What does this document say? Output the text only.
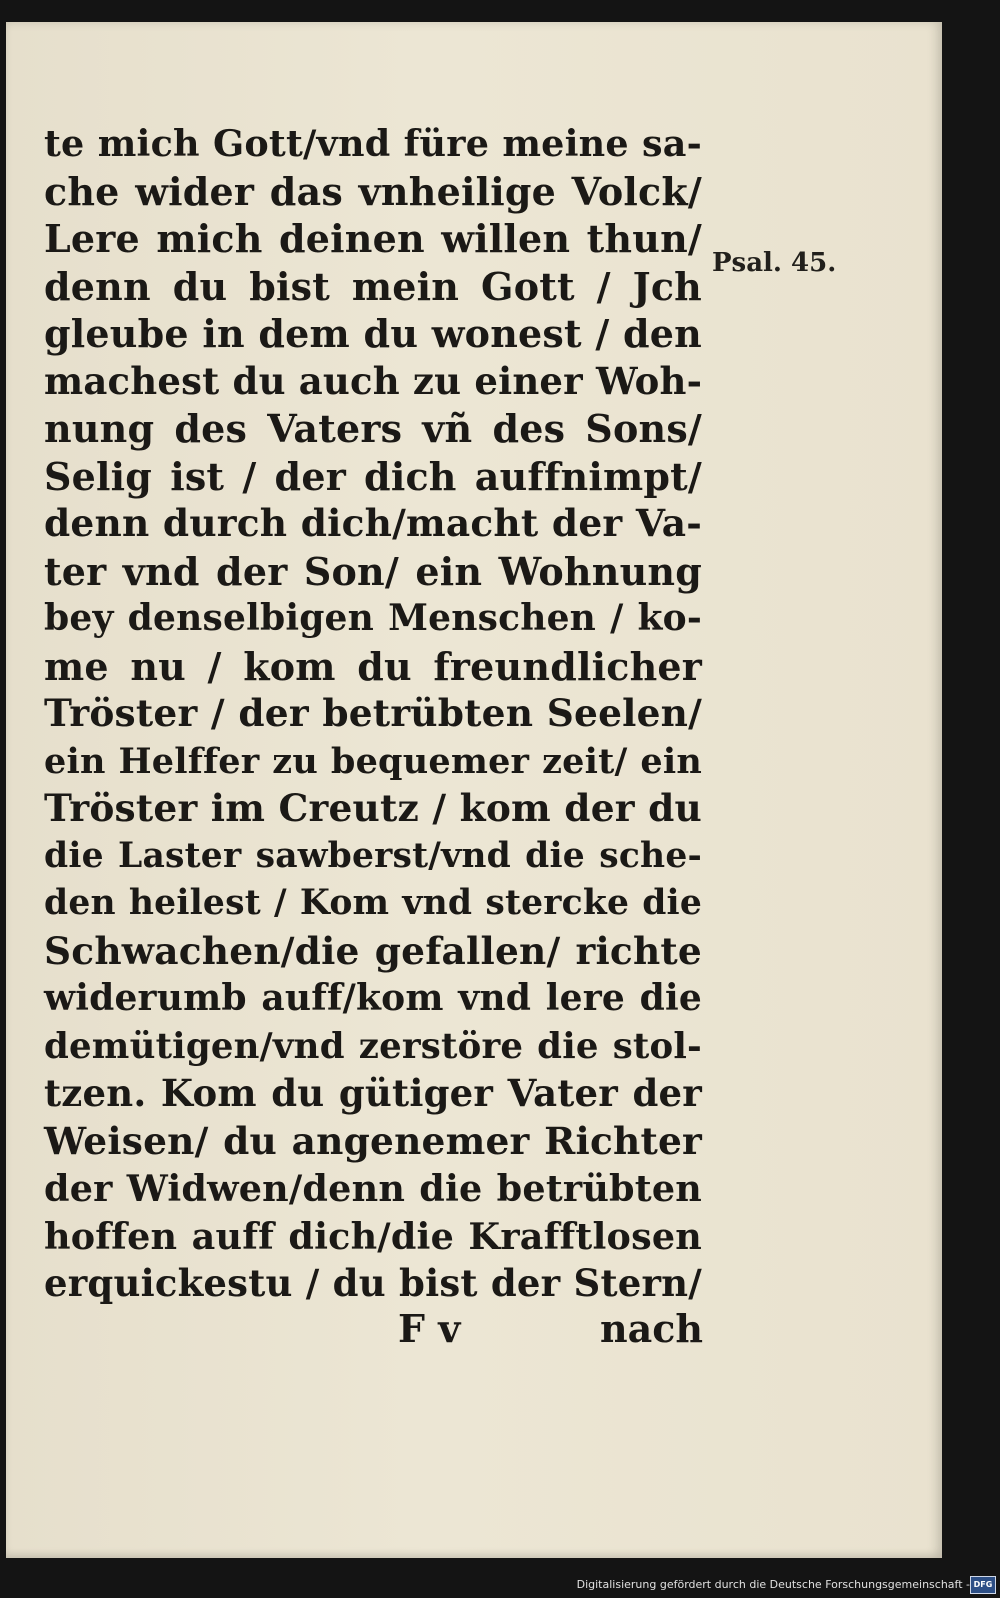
te mich Gott/vnd füre meine sa-
che wider das vnheilige Volck/
Lere mich deinen willen thun/
denn du bist mein Gott / Jch
gleube in dem du wonest / den
machest du auch zu einer Woh-
nung des Vaters vñ des Sons/
Selig ist / der dich auffnimpt/
denn durch dich/macht der Va-
ter vnd der Son/ ein Wohnung
bey denselbigen Menschen / ko-
me nu / kom du freundlicher
Tröster / der betrübten Seelen/
ein Helffer zu bequemer zeit/ ein
Tröster im Creutz / kom der du
die Laster sawberst/vnd die sche-
den heilest / Kom vnd stercke die
Schwachen/die gefallen/ richte
widerumb auff/kom vnd lere die
demütigen/vnd zerstöre die stol-
tzen. Kom du gütiger Vater der
Weisen/ du angenemer Richter
der Widwen/denn die betrübten
hoffen auff dich/die Krafftlosen
erquickestu / du bist der Stern/
Psal. 45.
F v	nach
Digitalisierung gefördert durch die Deutsche Forschungsgemeinschaft - DFG
